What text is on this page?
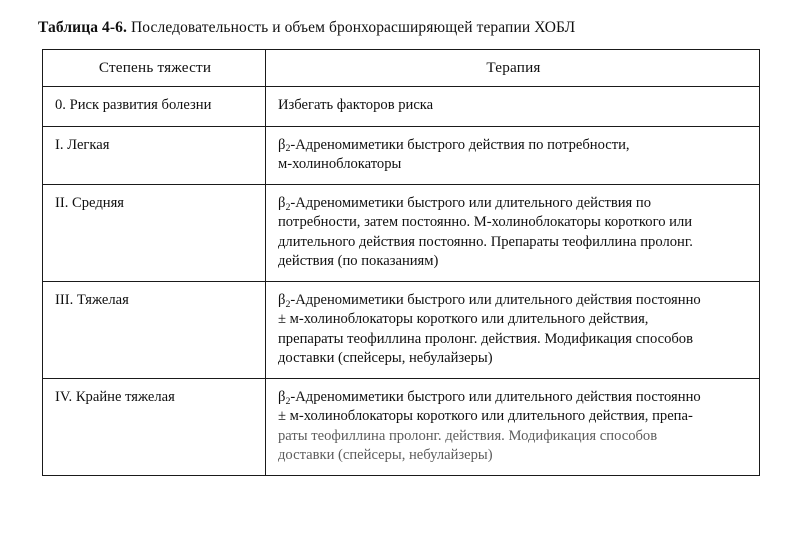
Таблица 4-6. Последовательность и объем бронхорасширяющей терапии ХОБЛ

Степень тяжести	Терапия
0. Риск развития болезни	Избегать факторов риска

I. Легкая	$\beta_2$-Адреномиметики быстрого действия по потребности,

м-холиноблокаторы

II. Средняя	$\beta_2$-Адреномиметики быстрого или длительного действия по

потребности, затем постоянно. М-холиноблокаторы короткого или

длительного действия постоянно. Препараты теофиллина пролонг.

действия (по показаниям)

III. Тяжелая	$\beta_2$-Адреномиметики быстрого или длительного действия постоянно

± м-холиноблокаторы короткого или длительного действия,

препараты теофиллина пролонг. действия. Модификация способов

доставки (спейсеры, небулайзеры)

IV. Крайне тяжелая	$\beta_2$-Адреномиметики быстрого или длительного действия постоянно

± м-холиноблокаторы короткого или длительного действия, препа-

раты теофиллина пролонг. действия. Модификация способов

доставки (спейсеры, небулайзеры)
